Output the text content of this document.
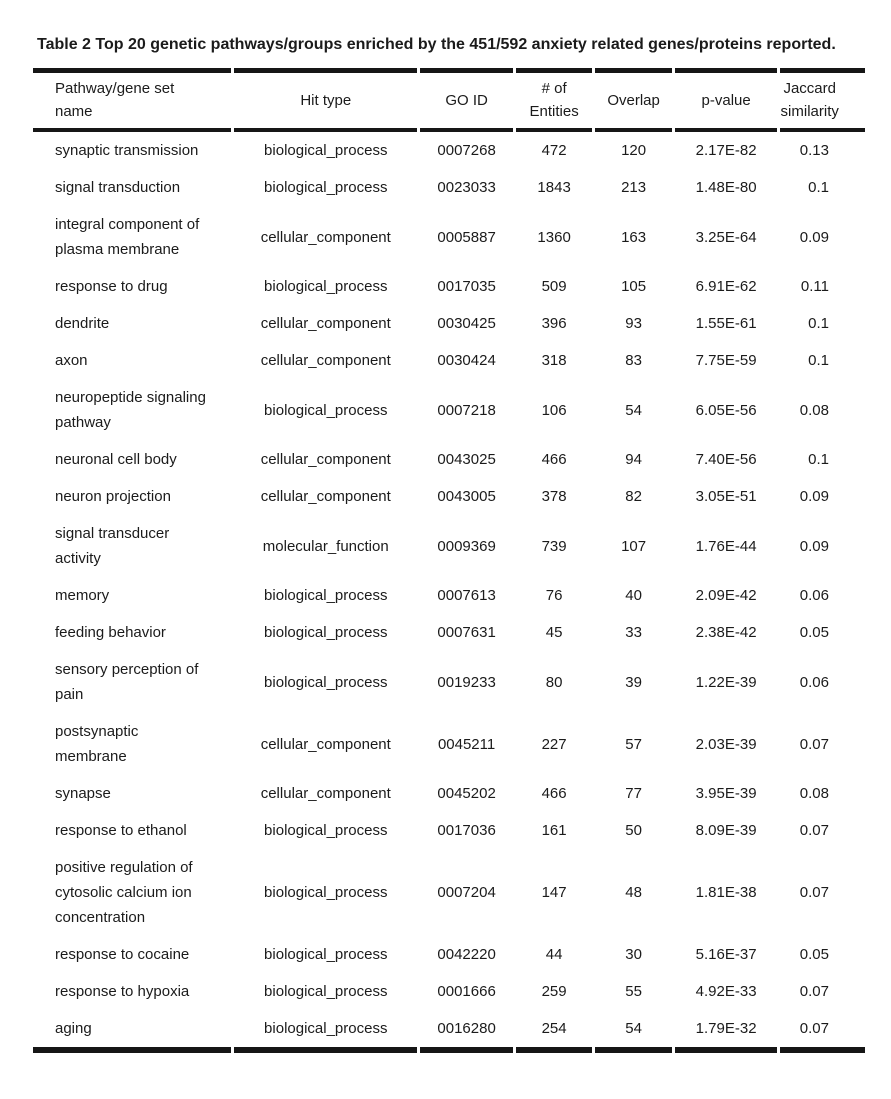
Table 2 Top 20 genetic pathways/groups enriched by the 451/592 anxiety related genes/proteins reported.

Pathway/gene set name	Hit type	GO ID	# of Entities	Overlap	p-value	Jaccard similarity
synaptic transmission	biological_process	0007268	472	120	2.17E-82	0.13
signal transduction	biological_process	0023033	1843	213	1.48E-80	0.1
integral component of plasma membrane	cellular_component	0005887	1360	163	3.25E-64	0.09
response to drug	biological_process	0017035	509	105	6.91E-62	0.11
dendrite	cellular_component	0030425	396	93	1.55E-61	0.1
axon	cellular_component	0030424	318	83	7.75E-59	0.1
neuropeptide signaling pathway	biological_process	0007218	106	54	6.05E-56	0.08
neuronal cell body	cellular_component	0043025	466	94	7.40E-56	0.1
neuron projection	cellular_component	0043005	378	82	3.05E-51	0.09
signal transducer activity	molecular_function	0009369	739	107	1.76E-44	0.09
memory	biological_process	0007613	76	40	2.09E-42	0.06
feeding behavior	biological_process	0007631	45	33	2.38E-42	0.05
sensory perception of pain	biological_process	0019233	80	39	1.22E-39	0.06
postsynaptic membrane	cellular_component	0045211	227	57	2.03E-39	0.07
synapse	cellular_component	0045202	466	77	3.95E-39	0.08
response to ethanol	biological_process	0017036	161	50	8.09E-39	0.07
positive regulation of cytosolic calcium ion concentration	biological_process	0007204	147	48	1.81E-38	0.07
response to cocaine	biological_process	0042220	44	30	5.16E-37	0.05
response to hypoxia	biological_process	0001666	259	55	4.92E-33	0.07
aging	biological_process	0016280	254	54	1.79E-32	0.07
